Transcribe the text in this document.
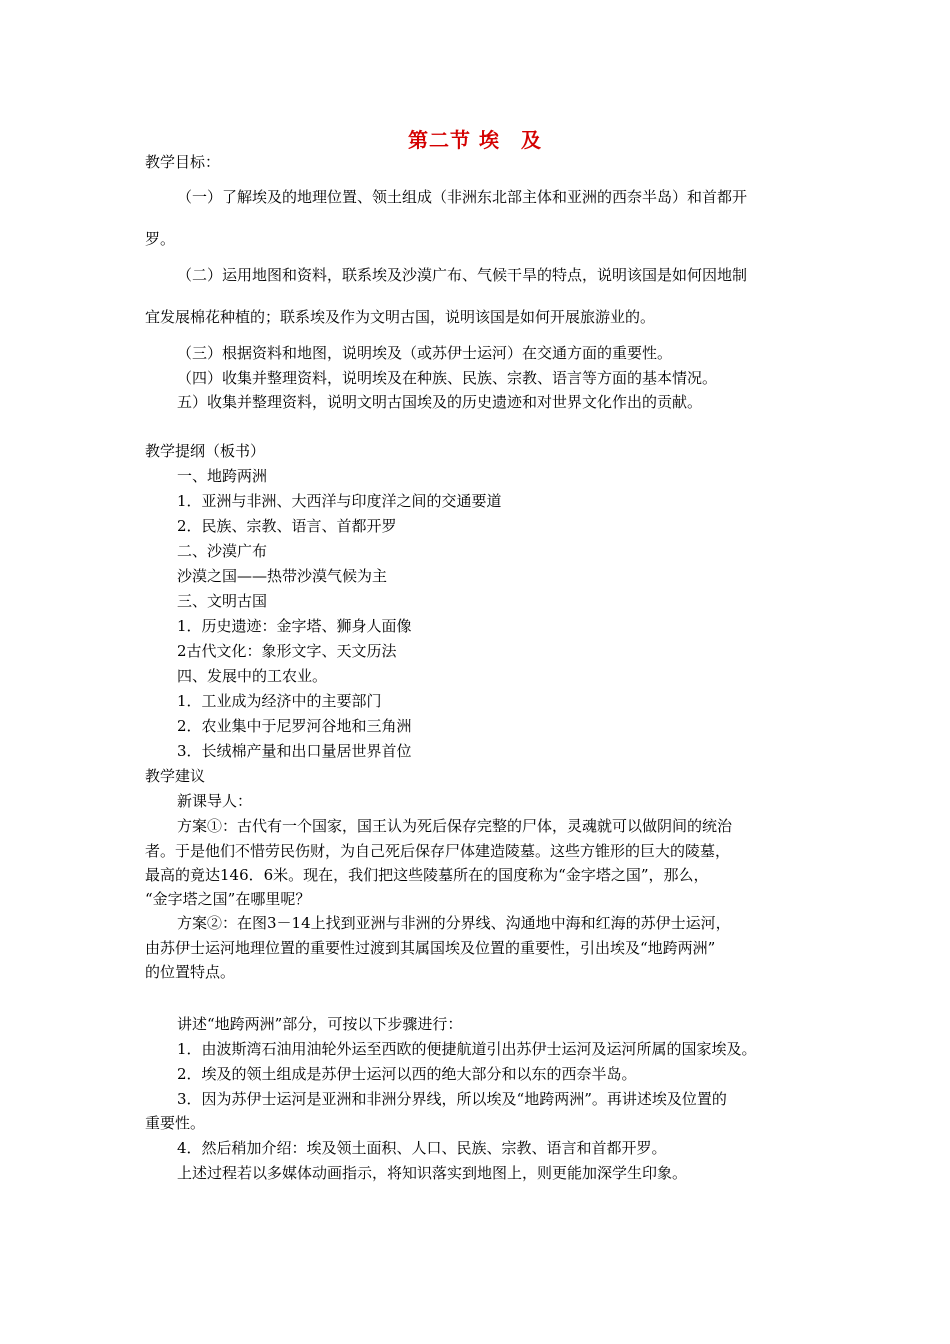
第二节 埃　及
教学目标：
（一）了解埃及的地理位置、领土组成（非洲东北部主体和亚洲的西奈半岛）和首都开
罗。
（二）运用地图和资料，联系埃及沙漠广布、气候干旱的特点，说明该国是如何因地制
宜发展棉花种植的；联系埃及作为文明古国，说明该国是如何开展旅游业的。
（三）根据资料和地图，说明埃及（或苏伊士运河）在交通方面的重要性。
（四）收集并整理资料，说明埃及在种族、民族、宗教、语言等方面的基本情况。
五）收集并整理资料，说明文明古国埃及的历史遗迹和对世界文化作出的贡献。
教学提纲（板书）
一、地跨两洲
1．亚洲与非洲、大西洋与印度洋之间的交通要道
2．民族、宗教、语言、首都开罗
二、沙漠广布
沙漠之国——热带沙漠气候为主
三、文明古国
1．历史遗迹：金字塔、狮身人面像
2古代文化：象形文字、天文历法
四、发展中的工农业。
1．工业成为经济中的主要部门
2．农业集中于尼罗河谷地和三角洲
3．长绒棉产量和出口量居世界首位
教学建议
新课导人：
方案①：古代有一个国家，国王认为死后保存完整的尸体，灵魂就可以做阴间的统治
者。于是他们不惜劳民伤财，为自己死后保存尸体建造陵墓。这些方锥形的巨大的陵墓，
最高的竟达146．6米。现在，我们把这些陵墓所在的国度称为“金字塔之国”，那么，
“金字塔之国”在哪里呢？
方案②：在图3－14上找到亚洲与非洲的分界线、沟通地中海和红海的苏伊士运河，
由苏伊士运河地理位置的重要性过渡到其属国埃及位置的重要性，引出埃及“地跨两洲”
的位置特点。
讲述“地跨两洲”部分，可按以下步骤进行：
1．由波斯湾石油用油轮外运至西欧的便捷航道引出苏伊士运河及运河所属的国家埃及。
2．埃及的领土组成是苏伊士运河以西的绝大部分和以东的西奈半岛。
3．因为苏伊士运河是亚洲和非洲分界线，所以埃及“地跨两洲”。再讲述埃及位置的
重要性。
4．然后稍加介绍：埃及领土面积、人口、民族、宗教、语言和首都开罗。
上述过程若以多媒体动画指示，将知识落实到地图上，则更能加深学生印象。
